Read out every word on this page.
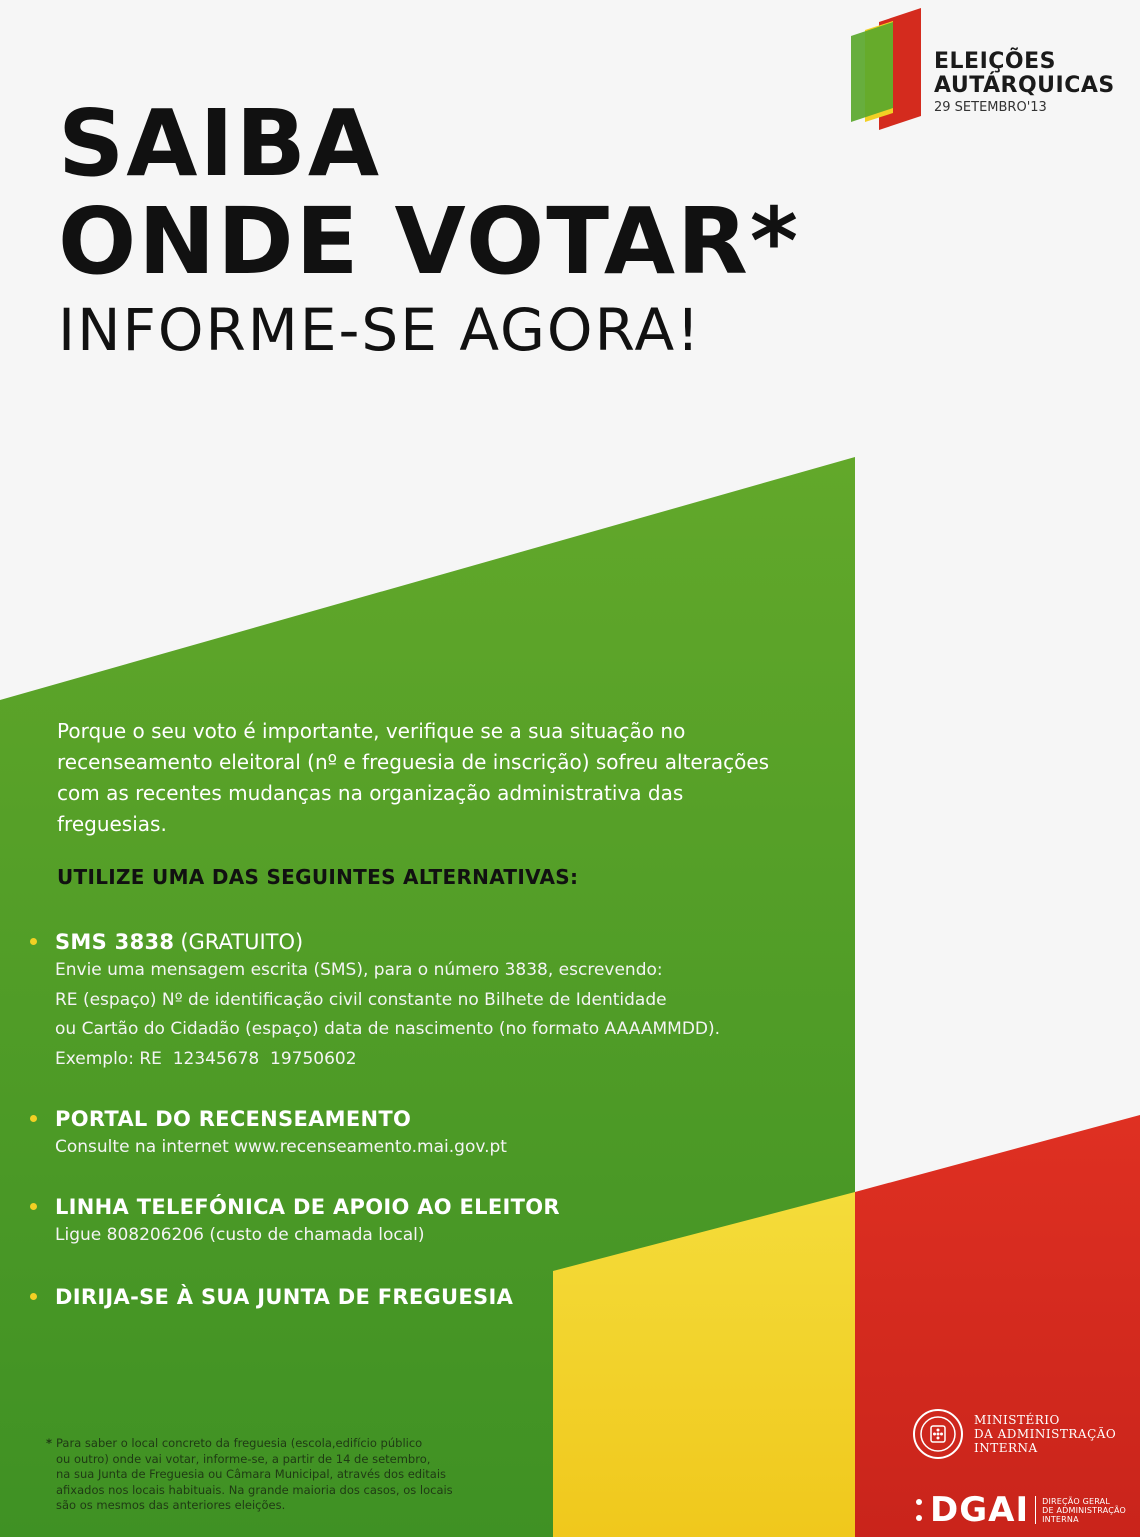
ELEIÇÕES
AUTÁRQUICAS
29 SETEMBRO'13
SAIBA
ONDE VOTAR*
INFORME-SE AGORA!
Porque o seu voto é importante, verifique se a sua situação no recenseamento eleitoral (nº e freguesia de inscrição) sofreu alterações com as recentes mudanças na organização administrativa das freguesias.
UTILIZE UMA DAS SEGUINTES ALTERNATIVAS:
SMS 3838 (GRATUITO)
Envie uma mensagem escrita (SMS), para o número 3838, escrevendo:
RE (espaço) Nº de identificação civil constante no Bilhete de Identidade
ou Cartão do Cidadão (espaço) data de nascimento (no formato AAAAMMDD).
Exemplo: RE  12345678  19750602
PORTAL DO RECENSEAMENTO
Consulte na internet www.recenseamento.mai.gov.pt
LINHA TELEFÓNICA DE APOIO AO ELEITOR
Ligue 808206206 (custo de chamada local)
DIRIJA-SE À SUA JUNTA DE FREGUESIA
* Para saber o local concreto da freguesia (escola,edifício público
ou outro) onde vai votar, informe-se, a partir de 14 de setembro,
na sua Junta de Freguesia ou Câmara Municipal, através dos editais
afixados nos locais habituais. Na grande maioria dos casos, os locais
são os mesmos das anteriores eleições.
MINISTÉRIO
DA ADMINISTRAÇÃO
INTERNA
DGAI DIREÇÃO GERAL
DE ADMINISTRAÇÃO
INTERNA
